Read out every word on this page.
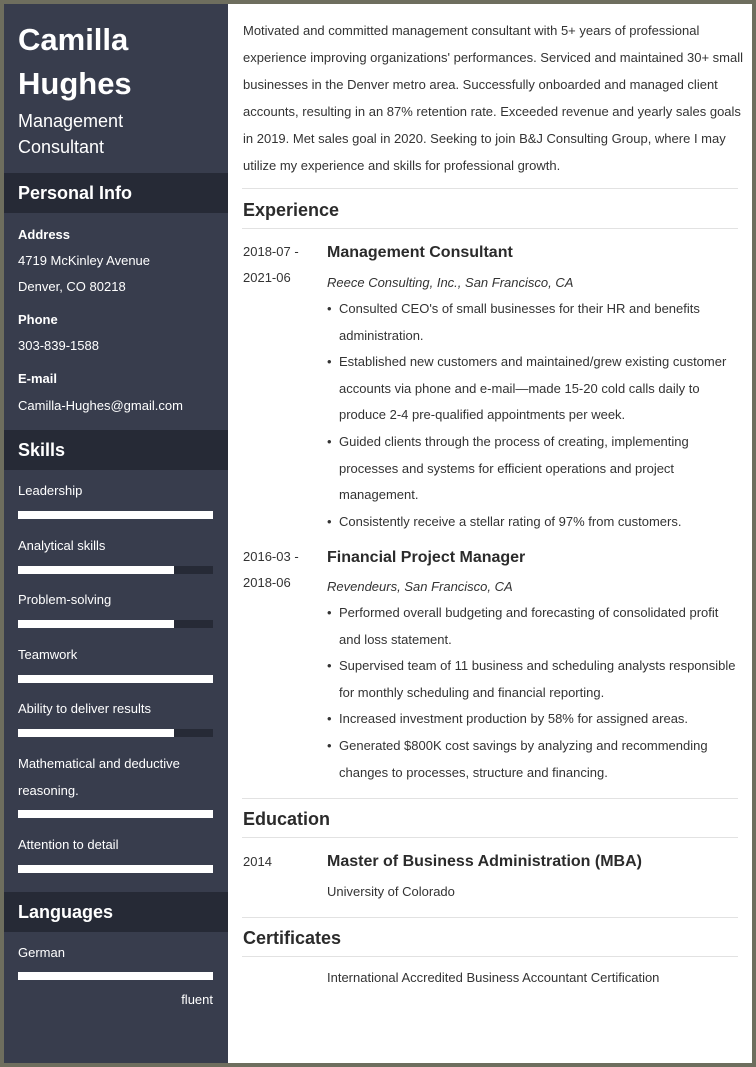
Camilla
Hughes
Management
Consultant
Personal Info
Address
4719 McKinley Avenue
Denver, CO 80218
Phone
303-839-1588
E-mail
Camilla-Hughes@gmail.com
Skills
Leadership
Analytical skills
Problem-solving
Teamwork
Ability to deliver results
Mathematical and deductive reasoning.
Attention to detail
Languages
German
fluent

Motivated and committed management consultant with 5+ years of professional experience improving organizations' performances. Serviced and maintained 30+ small businesses in the Denver metro area. Successfully onboarded and managed client accounts, resulting in an 87% retention rate. Exceeded revenue and yearly sales goals in 2019. Met sales goal in 2020. Seeking to join B&J Consulting Group, where I may utilize my experience and skills for professional growth.

Experience
2018-07 -
2021-06
Management Consultant
Reece Consulting, Inc., San Francisco, CA
• Consulted CEO's of small businesses for their HR and benefits administration.
• Established new customers and maintained/grew existing customer accounts via phone and e-mail—made 15-20 cold calls daily to produce 2-4 pre-qualified appointments per week.
• Guided clients through the process of creating, implementing processes and systems for efficient operations and project management.
• Consistently receive a stellar rating of 97% from customers.
2016-03 -
2018-06
Financial Project Manager
Revendeurs, San Francisco, CA
• Performed overall budgeting and forecasting of consolidated profit and loss statement.
• Supervised team of 11 business and scheduling analysts responsible for monthly scheduling and financial reporting.
• Increased investment production by 58% for assigned areas.
• Generated $800K cost savings by analyzing and recommending changes to processes, structure and financing.
Education
2014	Master of Business Administration (MBA)
University of Colorado
Certificates
International Accredited Business Accountant Certification
